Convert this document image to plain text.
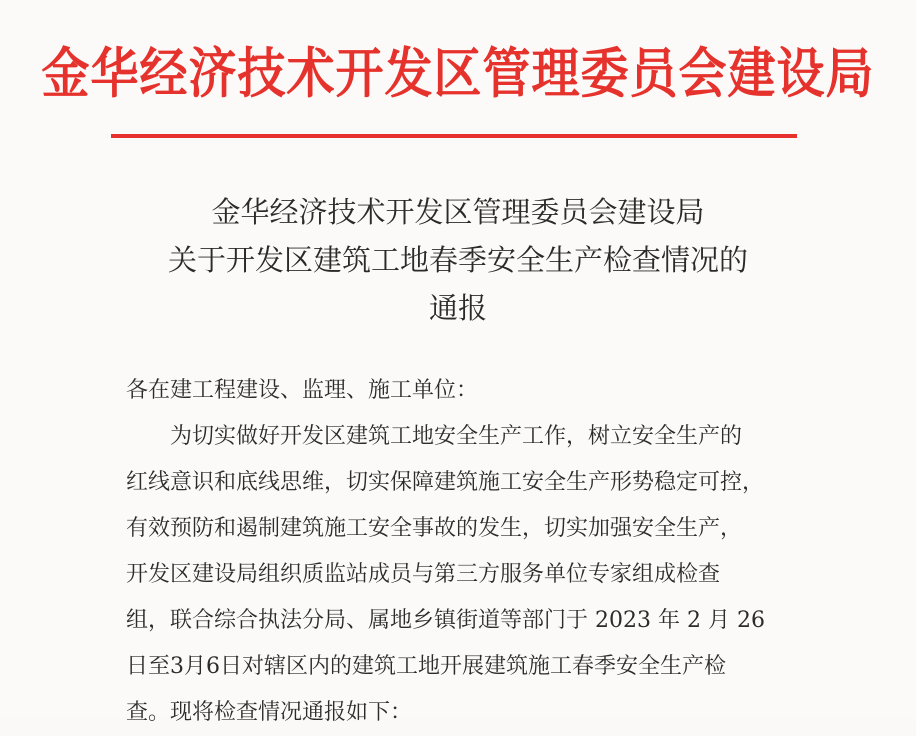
金华经济技术开发区管理委员会建设局
金华经济技术开发区管理委员会建设局
关于开发区建筑工地春季安全生产检查情况的
通报
各在建工程建设、监理、施工单位：
为切实做好开发区建筑工地安全生产工作，树立安全生产的
红线意识和底线思维，切实保障建筑施工安全生产形势稳定可控，
有效预防和遏制建筑施工安全事故的发生，切实加强安全生产，
开发区建设局组织质监站成员与第三方服务单位专家组成检查
组，联合综合执法分局、属地乡镇街道等部门于 2023 年 2 月 26
日至3月6日对辖区内的建筑工地开展建筑施工春季安全生产检
查。现将检查情况通报如下：
